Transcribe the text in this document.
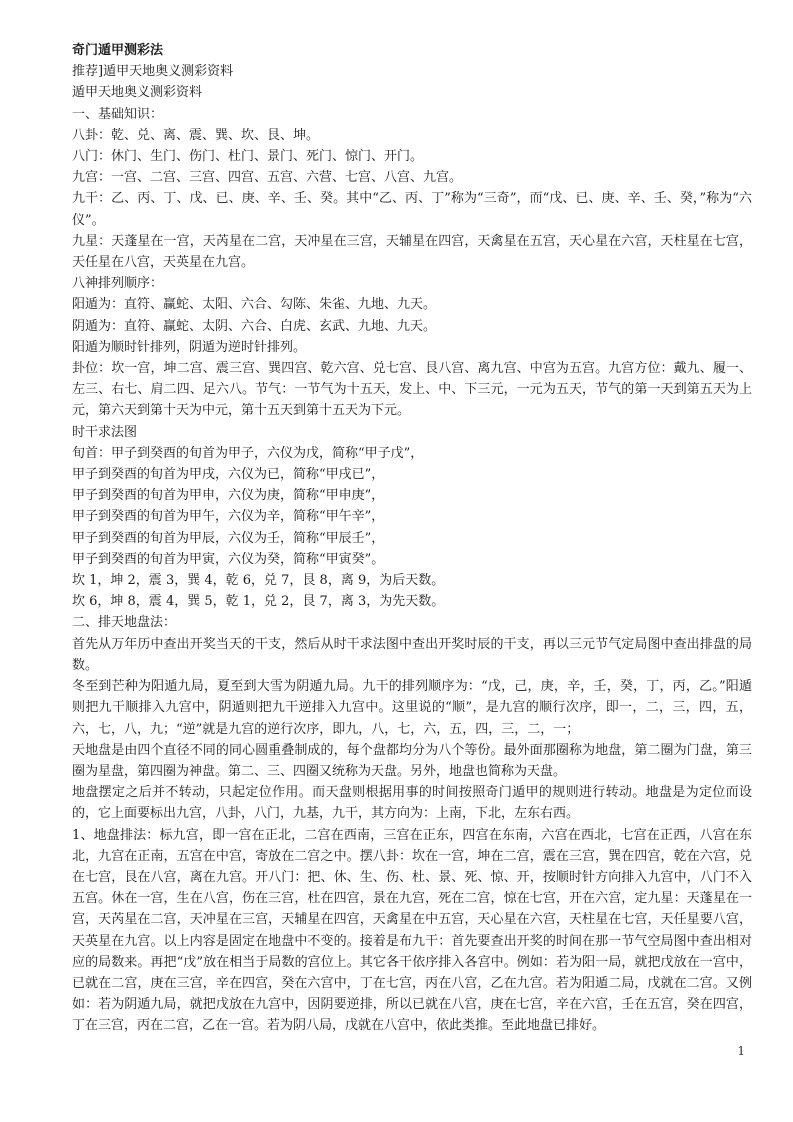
奇门遁甲测彩法

推荐]遁甲天地奥义测彩资料

遁甲天地奥义测彩资料

一、基础知识：

八卦：乾、兑、离、震、巽、坎、艮、坤。

八门：休门、生门、伤门、杜门、景门、死门、惊门、开门。

九宫：一宫、二宫、三宫、四宫、五宫、六营、七宫、八宫、九宫。

九干：乙、丙、丁、戊、已、庚、辛、壬、癸。其中“乙、丙、丁”称为“三奇”，而“戊、已、庚、辛、壬、癸，”称为“六仪”。

九星：天蓬星在一宫，天芮星在二宫，天冲星在三宫，天辅星在四宫，天禽星在五宫，天心星在六宫，天柱星在七宫，天任星在八宫，天英星在九宫。

八神排列顺序：

阳遁为：直符、赢蛇、太阳、六合、勾陈、朱雀、九地、九天。

阴遁为：直符、赢蛇、太阴、六合、白虎、玄武、九地、九天。

阳遁为顺时针排列，阴遁为逆时针排列。

卦位：坎一宫，坤二宫、震三宫、巽四宫、乾六宫、兑七宫、艮八宫、离九宫、中宫为五宫。九宫方位：戴九、履一、左三、右七、肩二四、足六八。节气：一节气为十五天，发上、中、下三元，一元为五天，节气的第一天到第五天为上元，第六天到第十天为中元，第十五天到第十五天为下元。

时干求法图

旬首：甲子到癸酉的旬首为甲子，六仪为戊，简称“甲子戊”，

甲子到癸酉的旬首为甲戌，六仪为已，简称“甲戌已”，

甲子到癸酉的旬首为甲申，六仪为庚，简称“甲申庚”，

甲子到癸酉的旬首为甲午，六仪为辛，简称“甲午辛”，

甲子到癸酉的旬首为甲辰，六仪为壬，简称“甲辰壬”，

甲子到癸酉的旬首为甲寅，六仪为癸，简称“甲寅癸”。

坎 1，坤 2，震 3，巽 4，乾 6，兑 7，艮 8，离 9，为后天数。

坎 6，坤 8，震 4，巽 5，乾 1，兑 2，艮 7，离 3，为先天数。

二、排天地盘法：

首先从万年历中查出开奖当天的干支，然后从时干求法图中查出开奖时辰的干支，再以三元节气定局图中查出排盘的局数。

冬至到芒种为阳遁九局，夏至到大雪为阴遁九局。九干的排列顺序为：“戊，己，庚，辛，壬，癸，丁，丙，乙。”阳遁则把九干顺排入九宫中，阴遁则把九干逆排入九宫中。这里说的“顺”，是九宫的顺行次序，即一，二，三，四，五，六，七，八，九；“逆”就是九宫的逆行次序，即九，八，七，六，五，四，三，二，一；

天地盘是由四个直径不同的同心圆重叠制成的，每个盘都均分为八个等份。最外面那圈称为地盘，第二圈为门盘，第三圈为星盘，第四圈为神盘。第二、三、四圈又统称为天盘。另外，地盘也简称为天盘。

地盘摆定之后并不转动，只起定位作用。而天盘则根据用事的时间按照奇门遁甲的规则进行转动。地盘是为定位而设的，它上面要标出九宫，八卦，八门，九基，九干，其方向为：上南，下北，左东右西。

1、地盘排法：标九宫，即一宫在正北，二宫在西南，三宫在正东，四宫在东南，六宫在西北，七宫在正西，八宫在东北，九宫在正南，五宫在中宫，寄放在二宫之中。摆八卦：坎在一宫，坤在二宫，震在三宫，巽在四宫，乾在六宫，兑在七宫，艮在八宫，离在九宫。开八门：把、休、生、伤、杜、景、死、惊、开，按顺时针方向排入九宫中，八门不入五宫。休在一宫，生在八宫，伤在三宫，杜在四宫，景在九宫，死在二宫，惊在七宫，开在六宫，定九星：天蓬星在一宫，天芮星在二宫，天冲星在三宫，天辅星在四宫，天禽星在中五宫，天心星在六宫，天柱星在七宫，天任星要八宫，天英星在九宫。以上内容是固定在地盘中不变的。接着是布九干：首先要查出开奖的时间在那一节气空局图中查出相对应的局数来。再把“戊”放在相当于局数的宫位上。其它各干依序排入各宫中。例如：若为阳一局，就把戊放在一宫中，已就在二宫，庚在三宫，辛在四宫，癸在六宫中，丁在七宫，丙在八宫，乙在九宫。若为阳遁二局，戊就在二宫。又例如：若为阴遁九局，就把戊放在九宫中，因阴要逆排，所以已就在八宫，庚在七宫，辛在六宫，壬在五宫，癸在四宫，丁在三宫，丙在二宫，乙在一宫。若为阴八局，戊就在八宫中，依此类推。至此地盘已排好。

1
